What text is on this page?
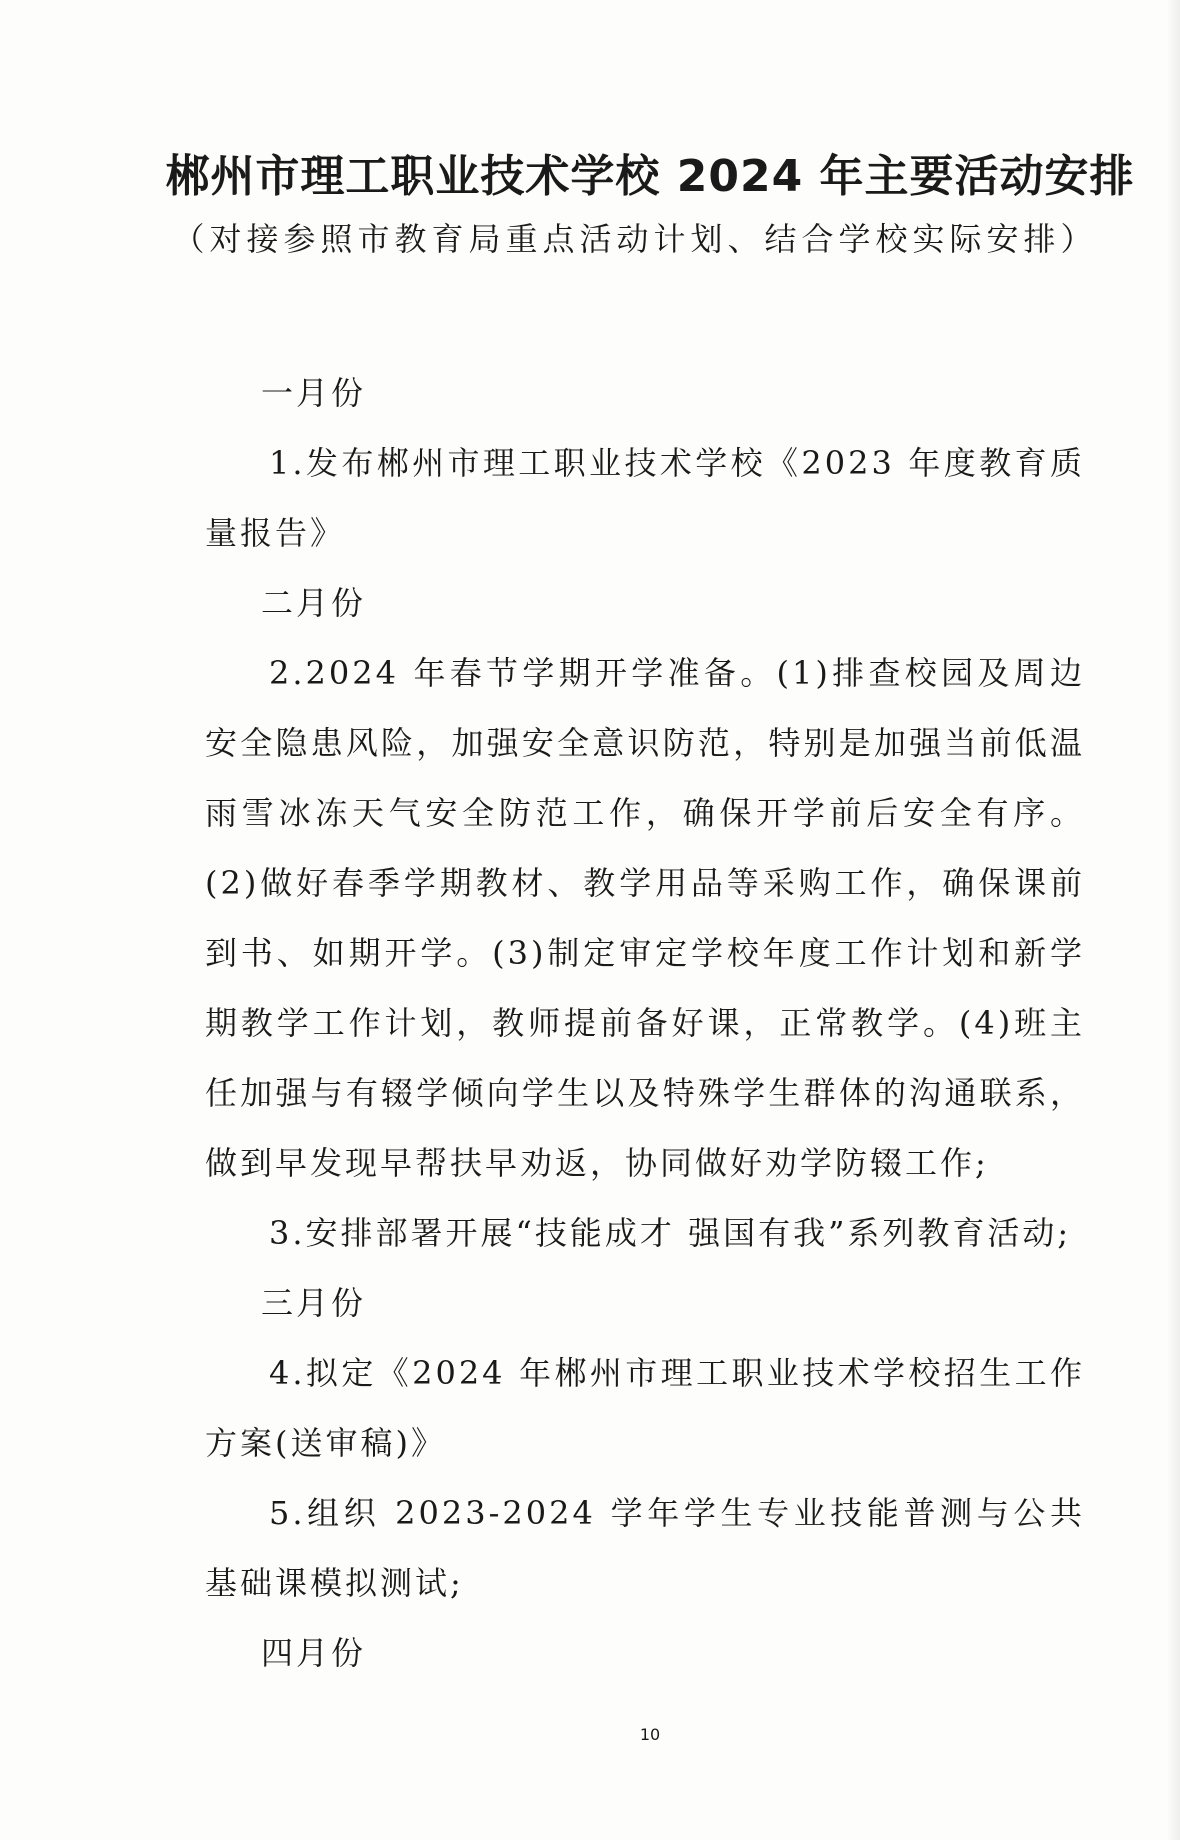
郴州市理工职业技术学校 2024 年主要活动安排

（对接参照市教育局重点活动计划、结合学校实际安排）

一月份

1.发布郴州市理工职业技术学校《2023 年度教育质量报告》

二月份

2.2024 年春节学期开学准备。(1)排查校园及周边安全隐患风险，加强安全意识防范，特别是加强当前低温雨雪冰冻天气安全防范工作，确保开学前后安全有序。(2)做好春季学期教材、教学用品等采购工作，确保课前到书、如期开学。(3)制定审定学校年度工作计划和新学期教学工作计划，教师提前备好课，正常教学。(4)班主任加强与有辍学倾向学生以及特殊学生群体的沟通联系，做到早发现早帮扶早劝返，协同做好劝学防辍工作;

3.安排部署开展“技能成才 强国有我”系列教育活动;

三月份

4.拟定《2024 年郴州市理工职业技术学校招生工作方案(送审稿)》

5.组织 2023-2024 学年学生专业技能普测与公共基础课模拟测试;

四月份

10
